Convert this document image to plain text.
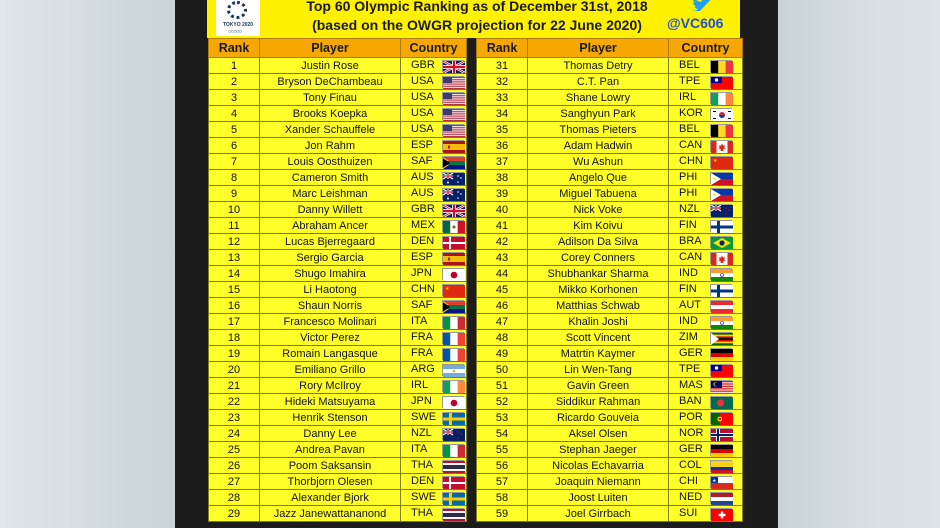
TOKYO 2020
○○○○○
Top 60 Olympic Ranking as of December 31st, 2018
(based on the OWGR projection for 22 June 2020)	@VC606
Rank	Player	Country		Rank	Player	Country
1	Justin Rose	GBR		31	Thomas Detry	BEL
2	Bryson DeChambeau	USA		32	C.T. Pan	TPE
3	Tony Finau	USA		33	Shane Lowry	IRL
4	Brooks Koepka	USA		34	Sanghyun Park	KOR
5	Xander Schauffele	USA		35	Thomas Pieters	BEL
6	Jon Rahm	ESP		36	Adam Hadwin	CAN
7	Louis Oosthuizen	SAF		37	Wu Ashun	CHN ★

8	Cameron Smith	AUS		38	Angelo Que	PHI
9	Marc Leishman	AUS		39	Miguel Tabuena	PHI
10	Danny Willett	GBR		40	Nick Voke	NZL
11	Abraham Ancer	MEX		41	Kim Koivu	FIN
12	Lucas Bjerregaard	DEN		42	Adilson Da Silva	BRA
13	Sergio Garcia	ESP		43	Corey Conners	CAN
14	Shugo Imahira	JPN		44	Shubhankar Sharma	IND
15	Li Haotong	CHN ★		45	Mikko Korhonen	FIN
16	Shaun Norris	SAF		46	Matthias Schwab	AUT
17	Francesco Molinari	ITA		47	Khalin Joshi	IND
18	Victor Perez	FRA		48	Scott Vincent	ZIM
19	Romain Langasque	FRA		49	Matrtin Kaymer	GER
20	Emiliano Grillo	ARG		50	Lin Wen-Tang	TPE
21	Rory McIlroy	IRL		51	Gavin Green	MAS
22	Hideki Matsuyama	JPN		52	Siddikur Rahman	BAN
23	Henrik Stenson	SWE		53	Ricardo Gouveia	POR
24	Danny Lee	NZL		54	Aksel Olsen	NOR
25	Andrea Pavan	ITA		55	Stephan Jaeger	GER
26	Poom Saksansin	THA		56	Nicolas Echavarria	COL
27	Thorbjorn Olesen	DEN		57	Joaquin Niemann	CHI ★

28	Alexander Bjork	SWE		58	Joost Luiten	NED
29	Jazz Janewattananond	THA		59	Joel Girrbach	SUI
